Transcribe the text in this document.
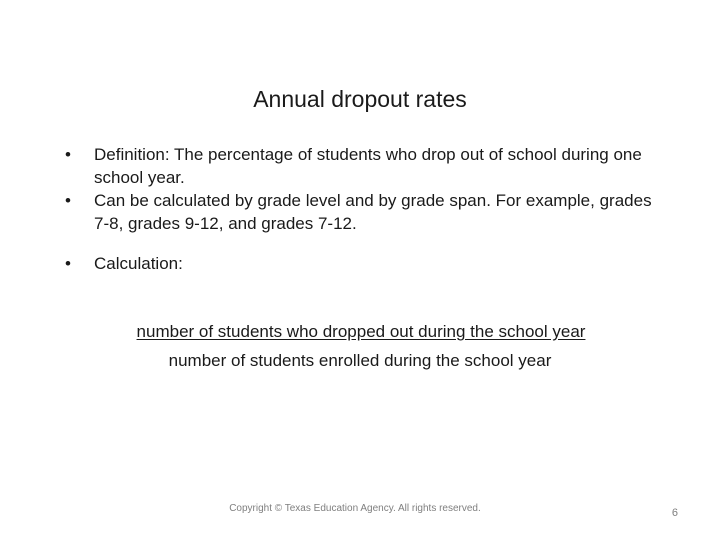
Annual dropout rates
• Definition: The percentage of students who drop out of school during one school year.
• Can be calculated by grade level and by grade span. For example, grades 7-8, grades 9-12, and grades 7-12.
• Calculation:
number of students who dropped out during the school year
number of students enrolled during the school year
Copyright © Texas Education Agency. All rights reserved.	6
